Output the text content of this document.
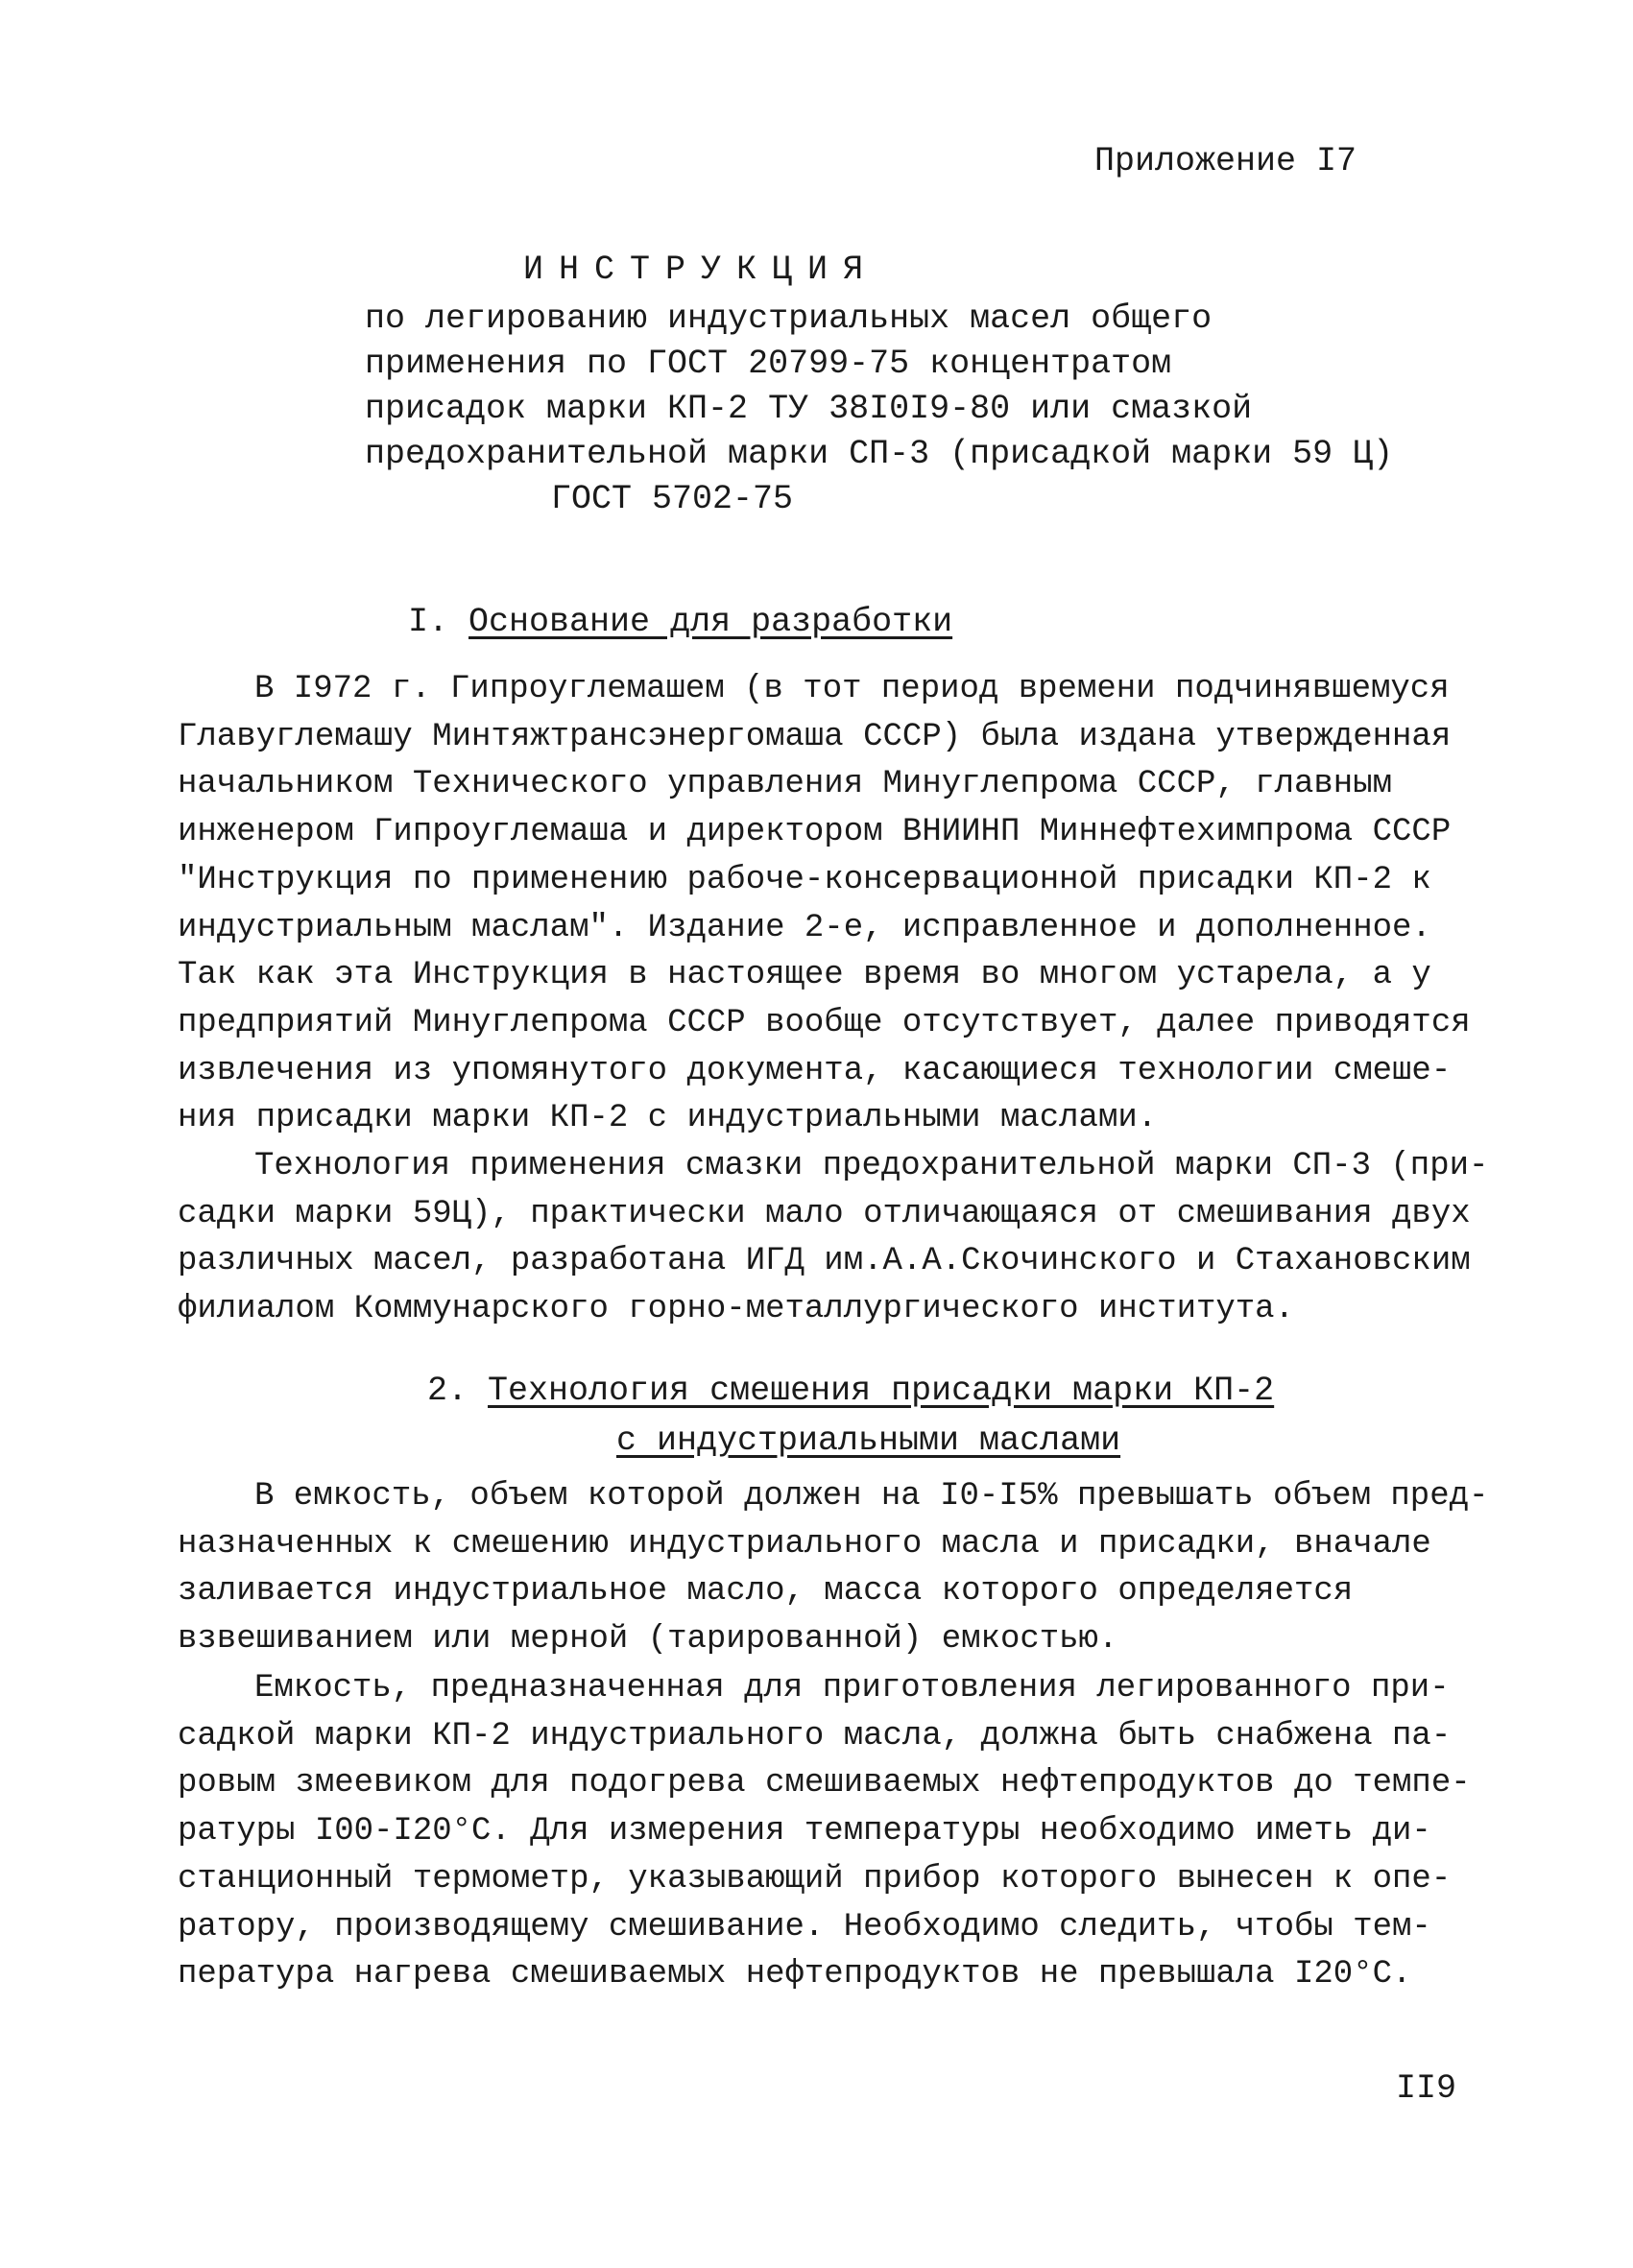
Приложение I7
ИНСТРУКЦИЯ
по легированию индустриальных масел общего
применения по ГОСТ 20799-75 концентратом
присадок марки КП-2 ТУ 38I0I9-80 или смазкой
предохранительной марки СП-3 (присадкой марки 59 Ц)
ГОСТ 5702-75
I. Основание для разработки
В I972 г. Гипроуглемашем (в тот период времени подчинявшемуся
Главуглемашу Минтяжтрансэнергомаша СССР) была издана утвержденная
начальником Технического управления Минуглепрома СССР, главным
инженером Гипроуглемаша и директором ВНИИНП Миннефтехимпрома СССР
"Инструкция по применению рабоче-консервационной присадки КП-2 к
индустриальным маслам". Издание 2-е, исправленное и дополненное.
Так как эта Инструкция в настоящее время во многом устарела, а у
предприятий Минуглепрома СССР вообще отсутствует, далее приводятся
извлечения из упомянутого документа, касающиеся технологии смеше-
ния присадки марки КП-2 с индустриальными маслами.
Технология применения смазки предохранительной марки СП-3 (при-
садки марки 59Ц), практически мало отличающаяся от смешивания двух
различных масел, разработана ИГД им.А.А.Скочинского и Стахановским
филиалом Коммунарского горно-металлургического института.
2. Технология смешения присадки марки КП-2
с индустриальными маслами
В емкость, объем которой должен на I0-I5% превышать объем пред-
назначенных к смешению индустриального масла и присадки, вначале
заливается индустриальное масло, масса которого определяется
взвешиванием или мерной (тарированной) емкостью.
Емкость, предназначенная для приготовления легированного при-
садкой марки КП-2 индустриального масла, должна быть снабжена па-
ровым змеевиком для подогрева смешиваемых нефтепродуктов до темпе-
ратуры I00-I20°С. Для измерения температуры необходимо иметь ди-
станционный термометр, указывающий прибор которого вынесен к опе-
ратору, производящему смешивание. Необходимо следить, чтобы тем-
пература нагрева смешиваемых нефтепродуктов не превышала I20°С.
II9
